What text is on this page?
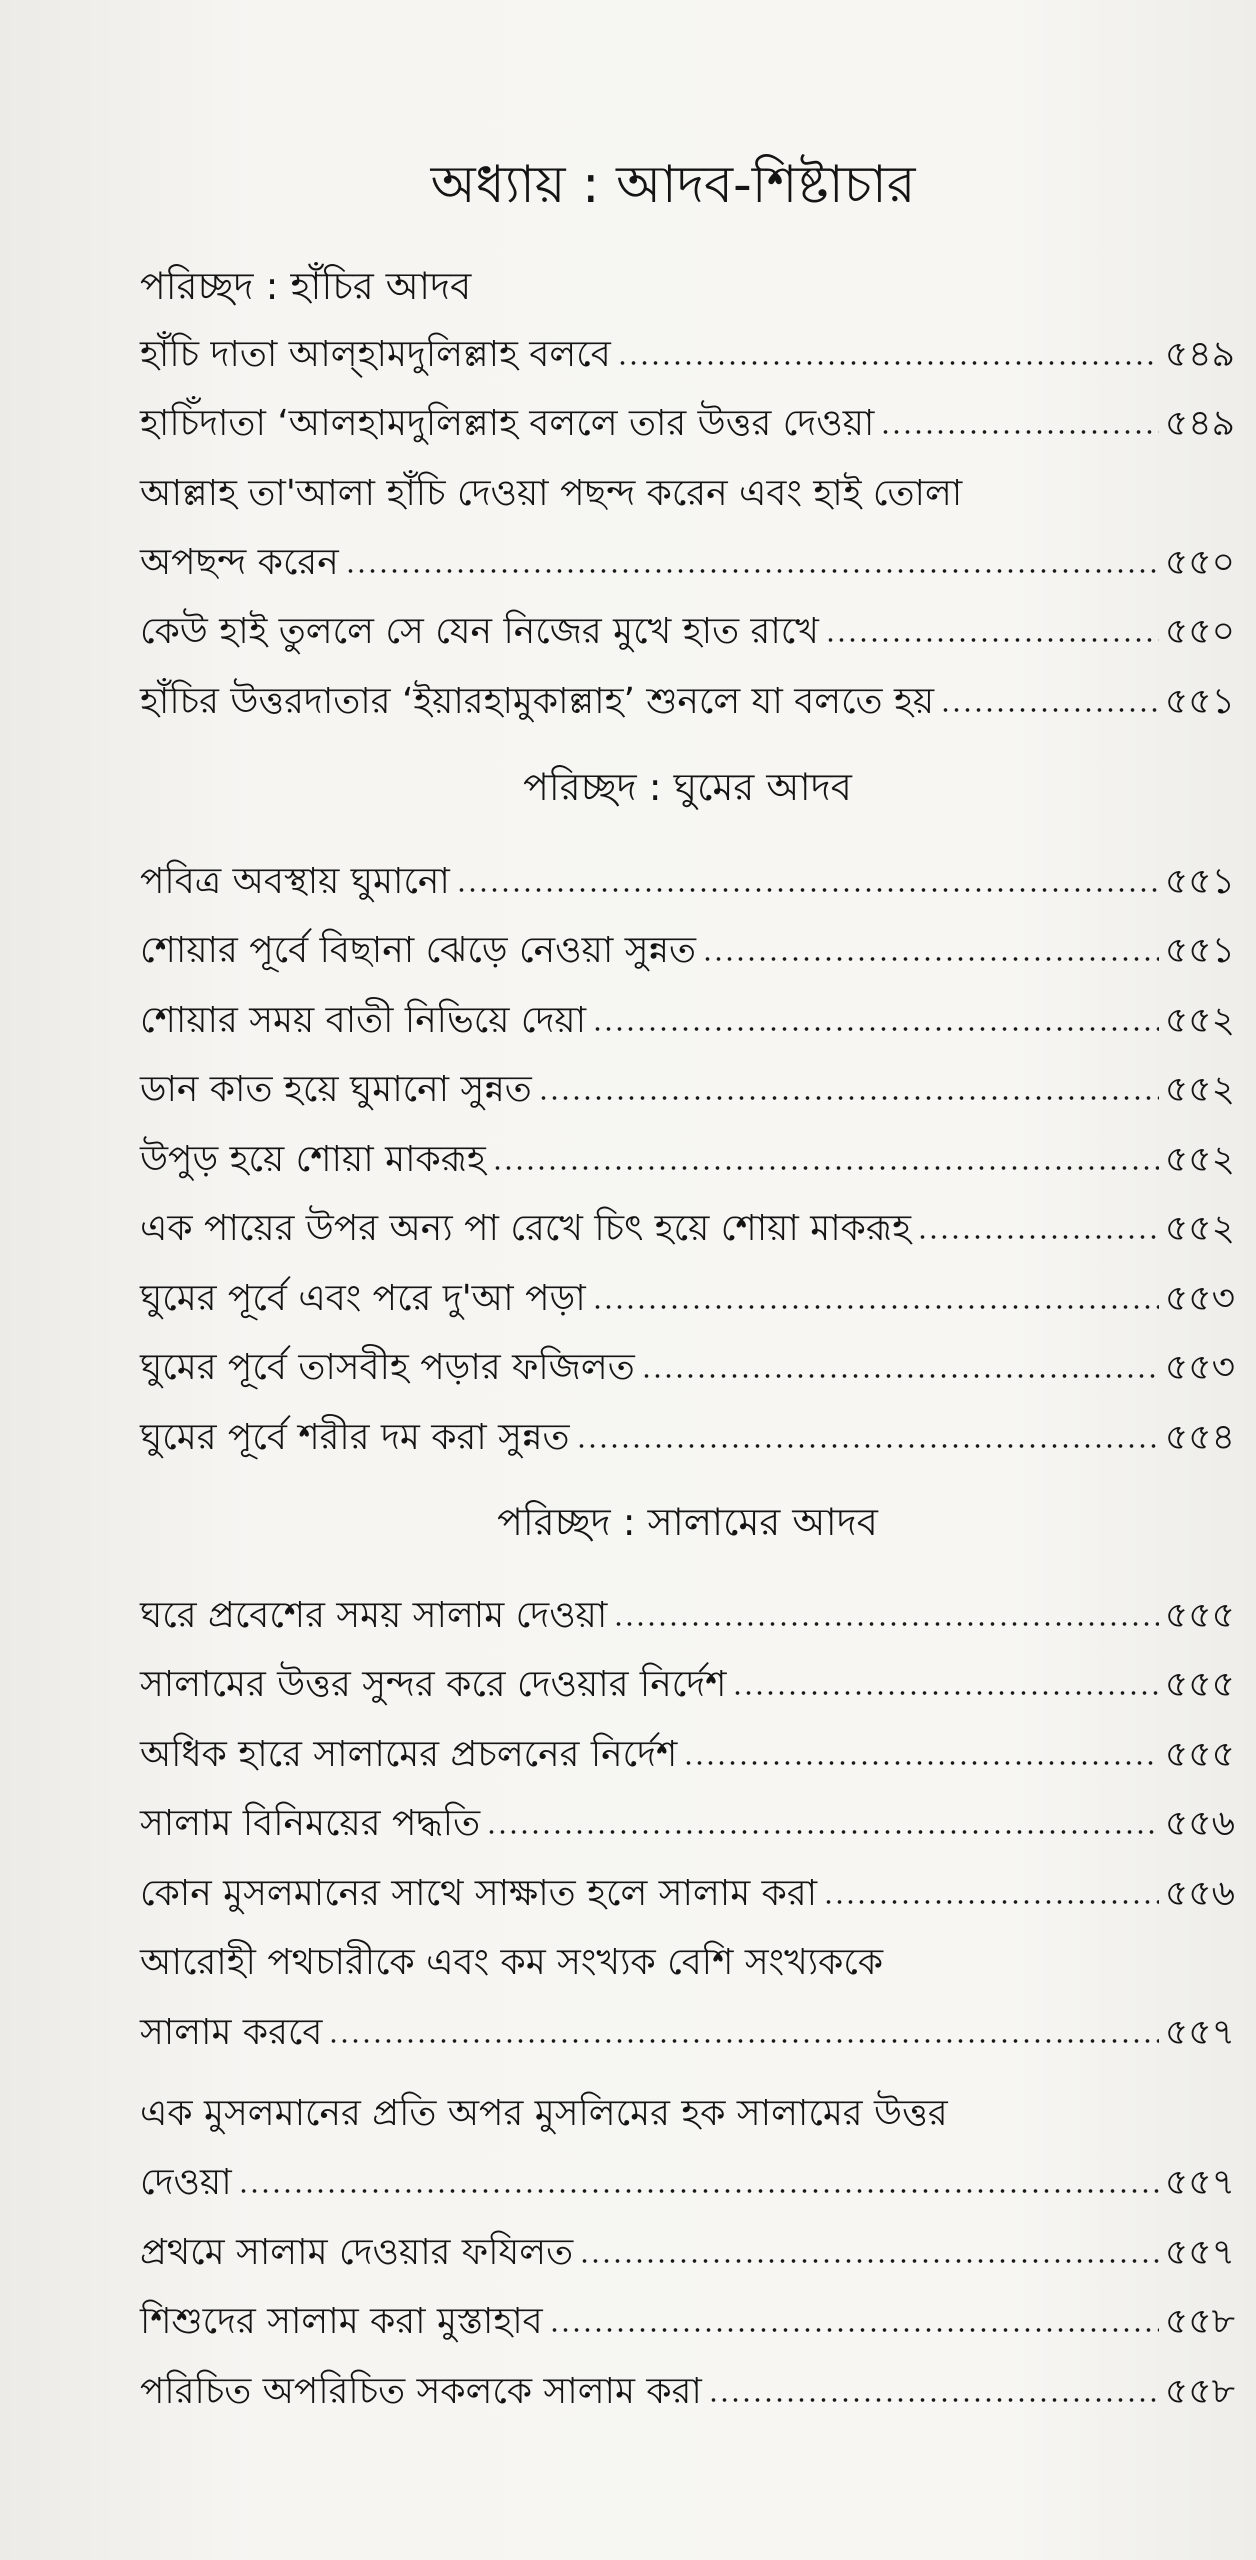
অধ্যায় : আদব-শিষ্টাচার
পরিচ্ছদ : হাঁচির আদব
হাঁচি দাতা আল্‌হামদুলিল্লাহ বলবে	৫৪৯
হাচিঁদাতা ‘আলহামদুলিল্লাহ বললে তার উত্তর দেওয়া	৫৪৯
আল্লাহ তা'আলা হাঁচি দেওয়া পছন্দ করেন এবং হাই তোলা
অপছন্দ করেন	৫৫০
কেউ হাই তুললে সে যেন নিজের মুখে হাত রাখে	৫৫০
হাঁচির উত্তরদাতার ‘ইয়ারহামুকাল্লাহ’ শুনলে যা বলতে হয়	৫৫১
পরিচ্ছদ : ঘুমের আদব
পবিত্র অবস্থায় ঘুমানো	৫৫১
শোয়ার পূর্বে বিছানা ঝেড়ে নেওয়া সুন্নত	৫৫১
শোয়ার সময় বাতী নিভিয়ে দেয়া	৫৫২
ডান কাত হয়ে ঘুমানো সুন্নত	৫৫২
উপুড় হয়ে শোয়া মাকরূহ	৫৫২
এক পায়ের উপর অন্য পা রেখে চিৎ হয়ে শোয়া মাকরূহ	৫৫২
ঘুমের পূর্বে এবং পরে দু'আ পড়া	৫৫৩
ঘুমের পূর্বে তাসবীহ পড়ার ফজিলত	৫৫৩
ঘুমের পূর্বে শরীর দম করা সুন্নত	৫৫৪
পরিচ্ছদ : সালামের আদব
ঘরে প্রবেশের সময় সালাম দেওয়া	৫৫৫
সালামের উত্তর সুন্দর করে দেওয়ার নির্দেশ	৫৫৫
অধিক হারে সালামের প্রচলনের নির্দেশ	৫৫৫
সালাম বিনিময়ের পদ্ধতি	৫৫৬
কোন মুসলমানের সাথে সাক্ষাত হলে সালাম করা	৫৫৬
আরোহী পথচারীকে এবং কম সংখ্যক বেশি সংখ্যককে
সালাম করবে	৫৫৭
এক মুসলমানের প্রতি অপর মুসলিমের হক সালামের উত্তর
দেওয়া	৫৫৭
প্রথমে সালাম দেওয়ার ফযিলত	৫৫৭
শিশুদের সালাম করা মুস্তাহাব	৫৫৮
পরিচিত অপরিচিত সকলকে সালাম করা	৫৫৮
